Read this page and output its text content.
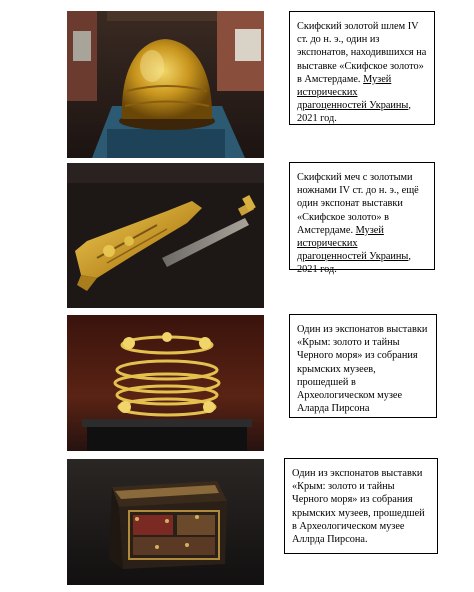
Скифский золотой шлем IV ст. до н. э., один из экспонатов, находившихся на выставке «Скифское золото» в Амстердаме. Музей исторических драгоценностей Украины, 2021 год.
Скифский меч с золотыми ножнами IV ст. до н. э., ещё один экспонат выставки «Скифское золото» в Амстердаме. Музей исторических драгоценностей Украины, 2021 год.
Один из экспонатов выставки «Крым: золото и тайны Черного моря» из собрания крымских музеев, прошедшей в Археологическом музее Аларда Пирсона
Один из экспонатов выставки «Крым: золото и тайны Черного моря» из собрания крымских музеев, прошедшей в Археологическом музее Аллрда Пирсона.
